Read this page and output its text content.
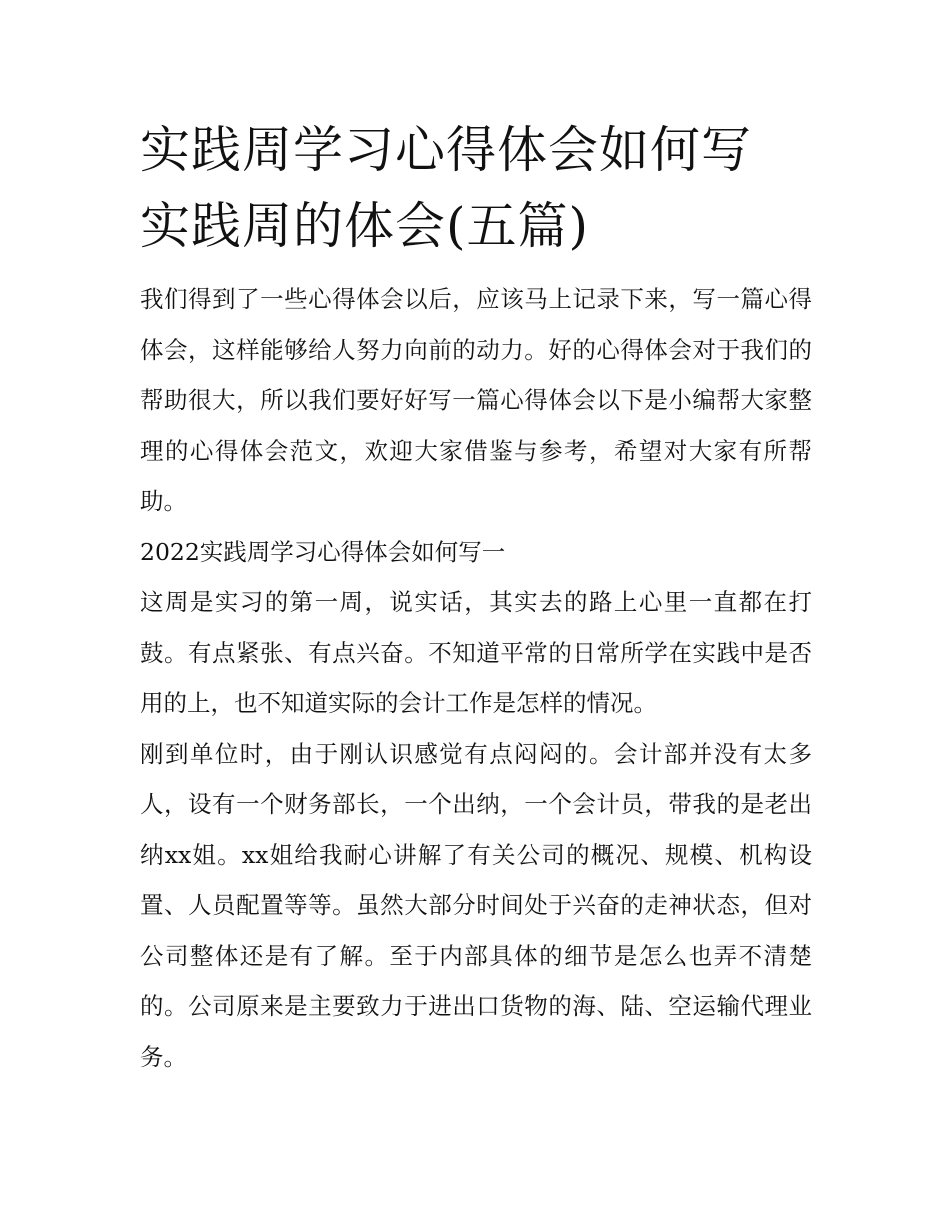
实践周学习心得体会如何写 实践周的体会(五篇)

我们得到了一些心得体会以后，应该马上记录下来，写一篇心得体会，这样能够给人努力向前的动力。好的心得体会对于我们的帮助很大，所以我们要好好写一篇心得体会以下是小编帮大家整理的心得体会范文，欢迎大家借鉴与参考，希望对大家有所帮助。

2022实践周学习心得体会如何写一

这周是实习的第一周，说实话，其实去的路上心里一直都在打鼓。有点紧张、有点兴奋。不知道平常的日常所学在实践中是否用的上，也不知道实际的会计工作是怎样的情况。

刚到单位时，由于刚认识感觉有点闷闷的。会计部并没有太多人，设有一个财务部长，一个出纳，一个会计员，带我的是老出纳xx姐。xx姐给我耐心讲解了有关公司的概况、规模、机构设置、人员配置等等。虽然大部分时间处于兴奋的走神状态，但对公司整体还是有了解。至于内部具体的细节是怎么也弄不清楚的。公司原来是主要致力于进出口货物的海、陆、空运输代理业务。
